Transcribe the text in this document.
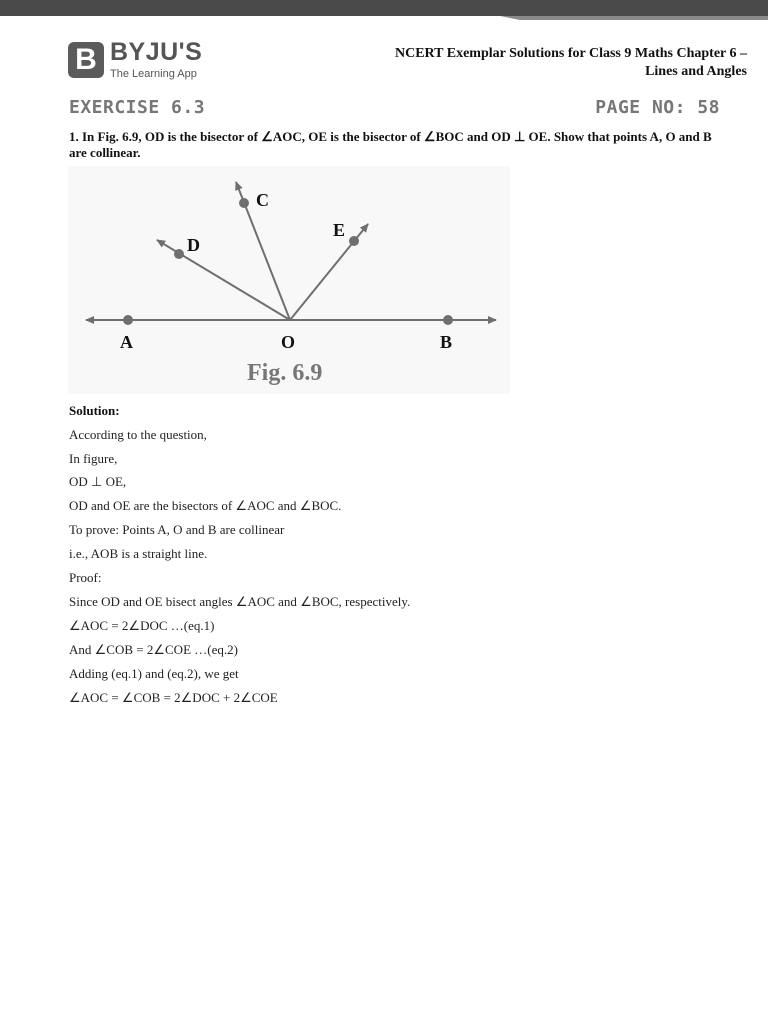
B BYJU'S
The Learning App
NCERT Exemplar Solutions for Class 9 Maths Chapter 6 –
Lines and Angles
EXERCISE 6.3	PAGE NO: 58
1. In Fig. 6.9, OD is the bisector of ∠AOC, OE is the bisector of ∠BOC and OD ⊥ OE. Show that points A, O and B are collinear.
A	O	B
C
D
E
Fig. 6.9
Solution:
According to the question,
In figure,
OD ⊥ OE,
OD and OE are the bisectors of ∠AOC and ∠BOC.
To prove: Points A, O and B are collinear
i.e., AOB is a straight line.
Proof:
Since OD and OE bisect angles ∠AOC and ∠BOC, respectively.
∠AOC = 2∠DOC …(eq.1)
And ∠COB = 2∠COE …(eq.2)
Adding (eq.1) and (eq.2), we get
∠AOC = ∠COB = 2∠DOC + 2∠COE
